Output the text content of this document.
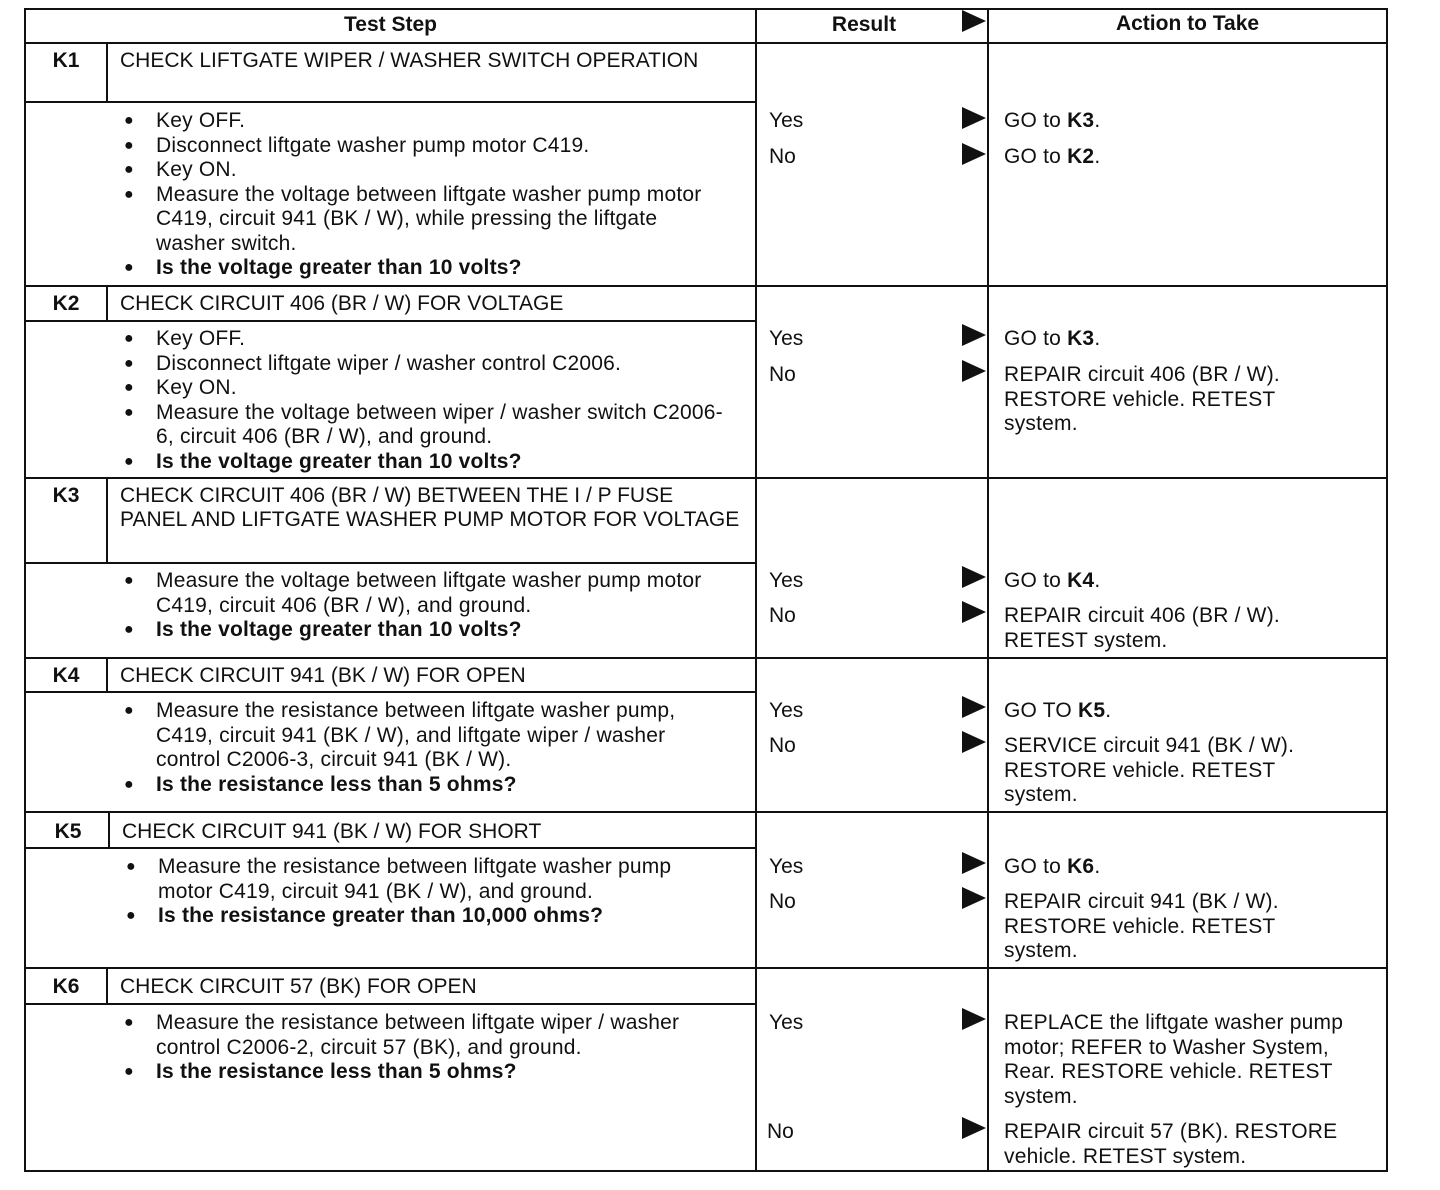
Test Step	Result	Action to Take
K1	CHECK LIFTGATE WIPER / WASHER SWITCH OPERATION
● Key OFF.
● Disconnect liftgate washer pump motor C419.
● Key ON.
● Measure the voltage between liftgate washer pump motor C419, circuit 941 (BK / W), while pressing the liftgate washer switch.
● Is the voltage greater than 10 volts?
Yes	GO to K3.
No	GO to K2.
K2	CHECK CIRCUIT 406 (BR / W) FOR VOLTAGE
● Key OFF.
● Disconnect liftgate wiper / washer control C2006.
● Key ON.
● Measure the voltage between wiper / washer switch C2006-6, circuit 406 (BR / W), and ground.
● Is the voltage greater than 10 volts?
Yes	GO to K3.
No	REPAIR circuit 406 (BR / W). RESTORE vehicle. RETEST system.
K3	CHECK CIRCUIT 406 (BR / W) BETWEEN THE I / P FUSE PANEL AND LIFTGATE WASHER PUMP MOTOR FOR VOLTAGE
● Measure the voltage between liftgate washer pump motor C419, circuit 406 (BR / W), and ground.
● Is the voltage greater than 10 volts?
Yes	GO to K4.
No	REPAIR circuit 406 (BR / W). RETEST system.
K4	CHECK CIRCUIT 941 (BK / W) FOR OPEN
● Measure the resistance between liftgate washer pump, C419, circuit 941 (BK / W), and liftgate wiper / washer control C2006-3, circuit 941 (BK / W).
● Is the resistance less than 5 ohms?
Yes	GO TO K5.
No	SERVICE circuit 941 (BK / W). RESTORE vehicle. RETEST system.
K5	CHECK CIRCUIT 941 (BK / W) FOR SHORT
● Measure the resistance between liftgate washer pump motor C419, circuit 941 (BK / W), and ground.
● Is the resistance greater than 10,000 ohms?
Yes	GO to K6.
No	REPAIR circuit 941 (BK / W). RESTORE vehicle. RETEST system.
K6	CHECK CIRCUIT 57 (BK) FOR OPEN
● Measure the resistance between liftgate wiper / washer control C2006-2, circuit 57 (BK), and ground.
● Is the resistance less than 5 ohms?
Yes	REPLACE the liftgate washer pump motor; REFER to Washer System, Rear. RESTORE vehicle. RETEST system.
No	REPAIR circuit 57 (BK). RESTORE vehicle. RETEST system.
